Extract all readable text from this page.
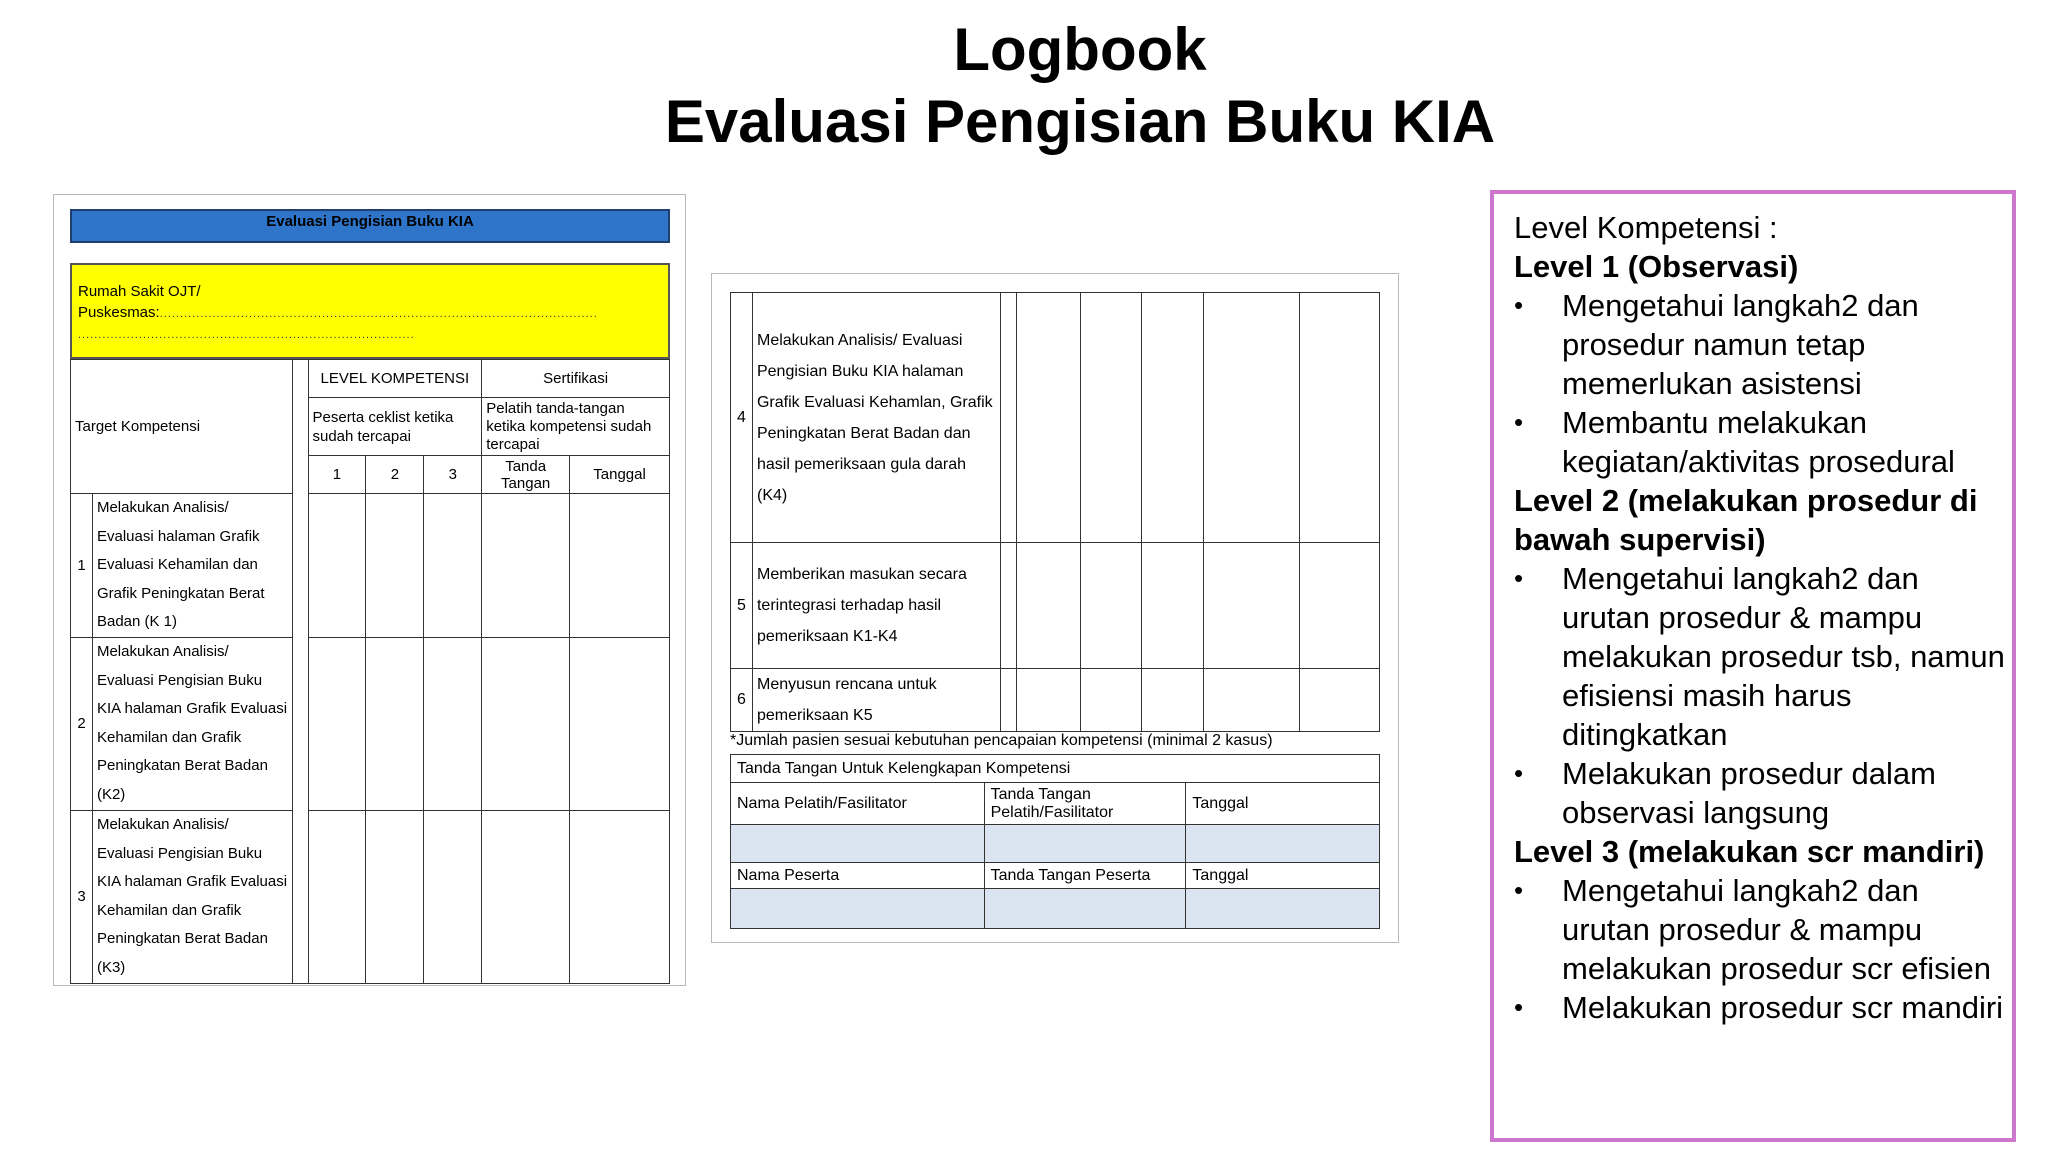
Logbook
Evaluasi Pengisian Buku KIA
Evaluasi Pengisian Buku KIA
Rumah Sakit OJT/
Puskesmas:............................................................................................................
...................................................................................
Target Kompetensi			LEVEL KOMPETENSI			Sertifikasi	
			Peserta ceklist ketika sudah tercapai			Pelatih tanda-tangan ketika kompetensi sudah tercapai	
			1	2	3	Tanda Tangan	Tanggal
1	Melakukan Analisis/ Evaluasi halaman Grafik Evaluasi Kehamilan dan Grafik Peningkatan Berat Badan (K 1)						
2	Melakukan Analisis/ Evaluasi Pengisian Buku KIA halaman Grafik Evaluasi Kehamilan dan Grafik Peningkatan Berat Badan (K2)						
3	Melakukan Analisis/ Evaluasi Pengisian Buku KIA halaman Grafik Evaluasi Kehamilan dan Grafik Peningkatan Berat Badan (K3)						
4	Melakukan Analisis/ Evaluasi Pengisian Buku KIA halaman Grafik Evaluasi Kehamlan, Grafik Peningkatan Berat Badan dan hasil pemeriksaan gula darah (K4)						
5	Memberikan masukan secara terintegrasi terhadap hasil pemeriksaan K1-K4						
6	Menyusun rencana untuk pemeriksaan K5						
*Jumlah pasien sesuai kebutuhan pencapaian kompetensi (minimal 2 kasus)
Tanda Tangan Untuk Kelengkapan Kompetensi		
Nama Pelatih/Fasilitator	Tanda Tangan Pelatih/Fasilitator	Tanggal

Nama Peserta	Tanda Tangan Peserta	Tanggal

Level Kompetensi :
Level 1 (Observasi)
• Mengetahui langkah2 dan prosedur namun tetap memerlukan asistensi
• Membantu melakukan kegiatan/aktivitas prosedural
Level 2 (melakukan prosedur di bawah supervisi)
• Mengetahui langkah2 dan urutan prosedur & mampu melakukan prosedur tsb, namun efisiensi masih harus ditingkatkan
• Melakukan prosedur dalam observasi langsung
Level 3 (melakukan scr mandiri)
• Mengetahui langkah2 dan urutan prosedur & mampu melakukan prosedur scr efisien
• Melakukan prosedur scr mandiri
